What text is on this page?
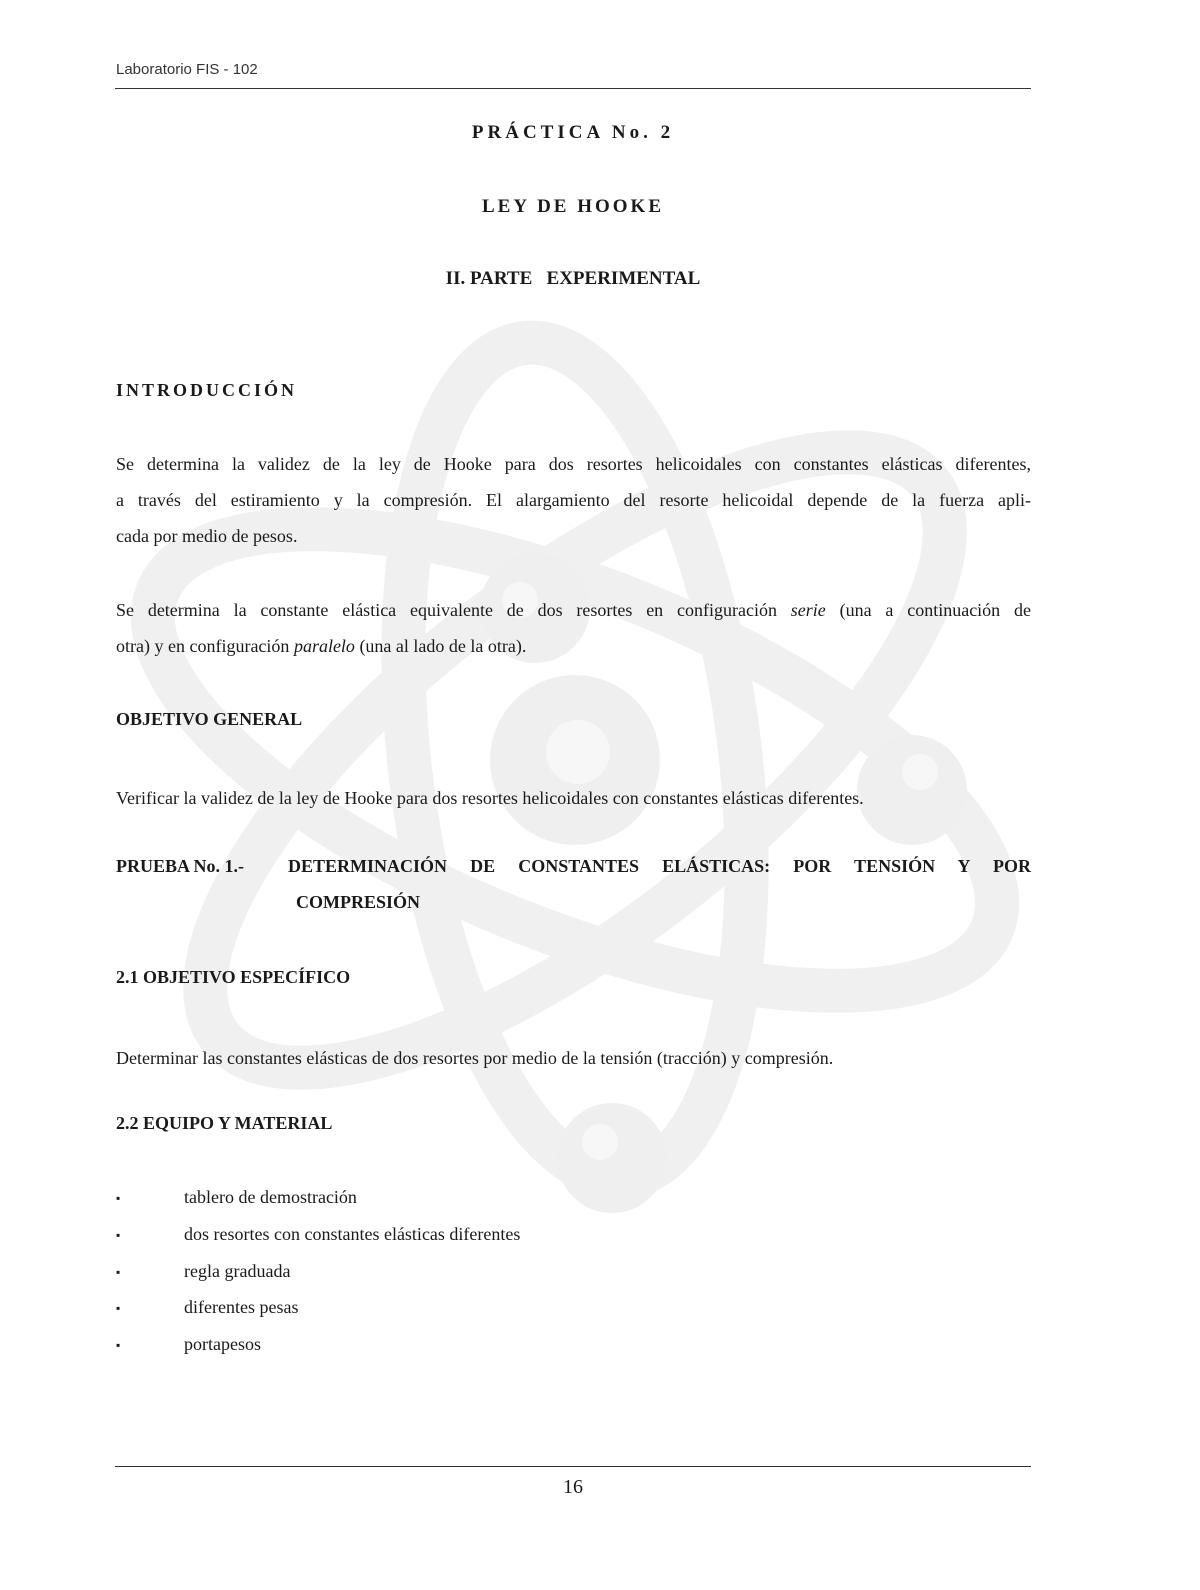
Laboratorio FIS - 102
PRÁCTICA No. 2
LEY DE HOOKE
II. PARTE   EXPERIMENTAL
INTRODUCCIÓN
Se determina la validez de la ley de Hooke para dos resortes helicoidales con constantes elásticas diferentes,
a través del estiramiento y la compresión. El alargamiento del resorte helicoidal depende de la fuerza apli-
cada por medio de pesos.
Se determina la constante elástica equivalente de dos resortes en configuración serie (una a continuación de
otra) y en configuración paralelo (una al lado de la otra).
OBJETIVO GENERAL
Verificar la validez de la ley de Hooke para dos resortes helicoidales con constantes elásticas diferentes.
PRUEBA No. 1.- DETERMINACIÓN DE CONSTANTES ELÁSTICAS: POR TENSIÓN Y POR
COMPRESIÓN
2.1 OBJETIVO ESPECÍFICO
Determinar las constantes elásticas de dos resortes por medio de la tensión (tracción) y compresión.
2.2 EQUIPO Y MATERIAL
▪	tablero de demostración
▪	dos resortes con constantes elásticas diferentes
▪	regla graduada
▪	diferentes pesas
▪	portapesos
16
